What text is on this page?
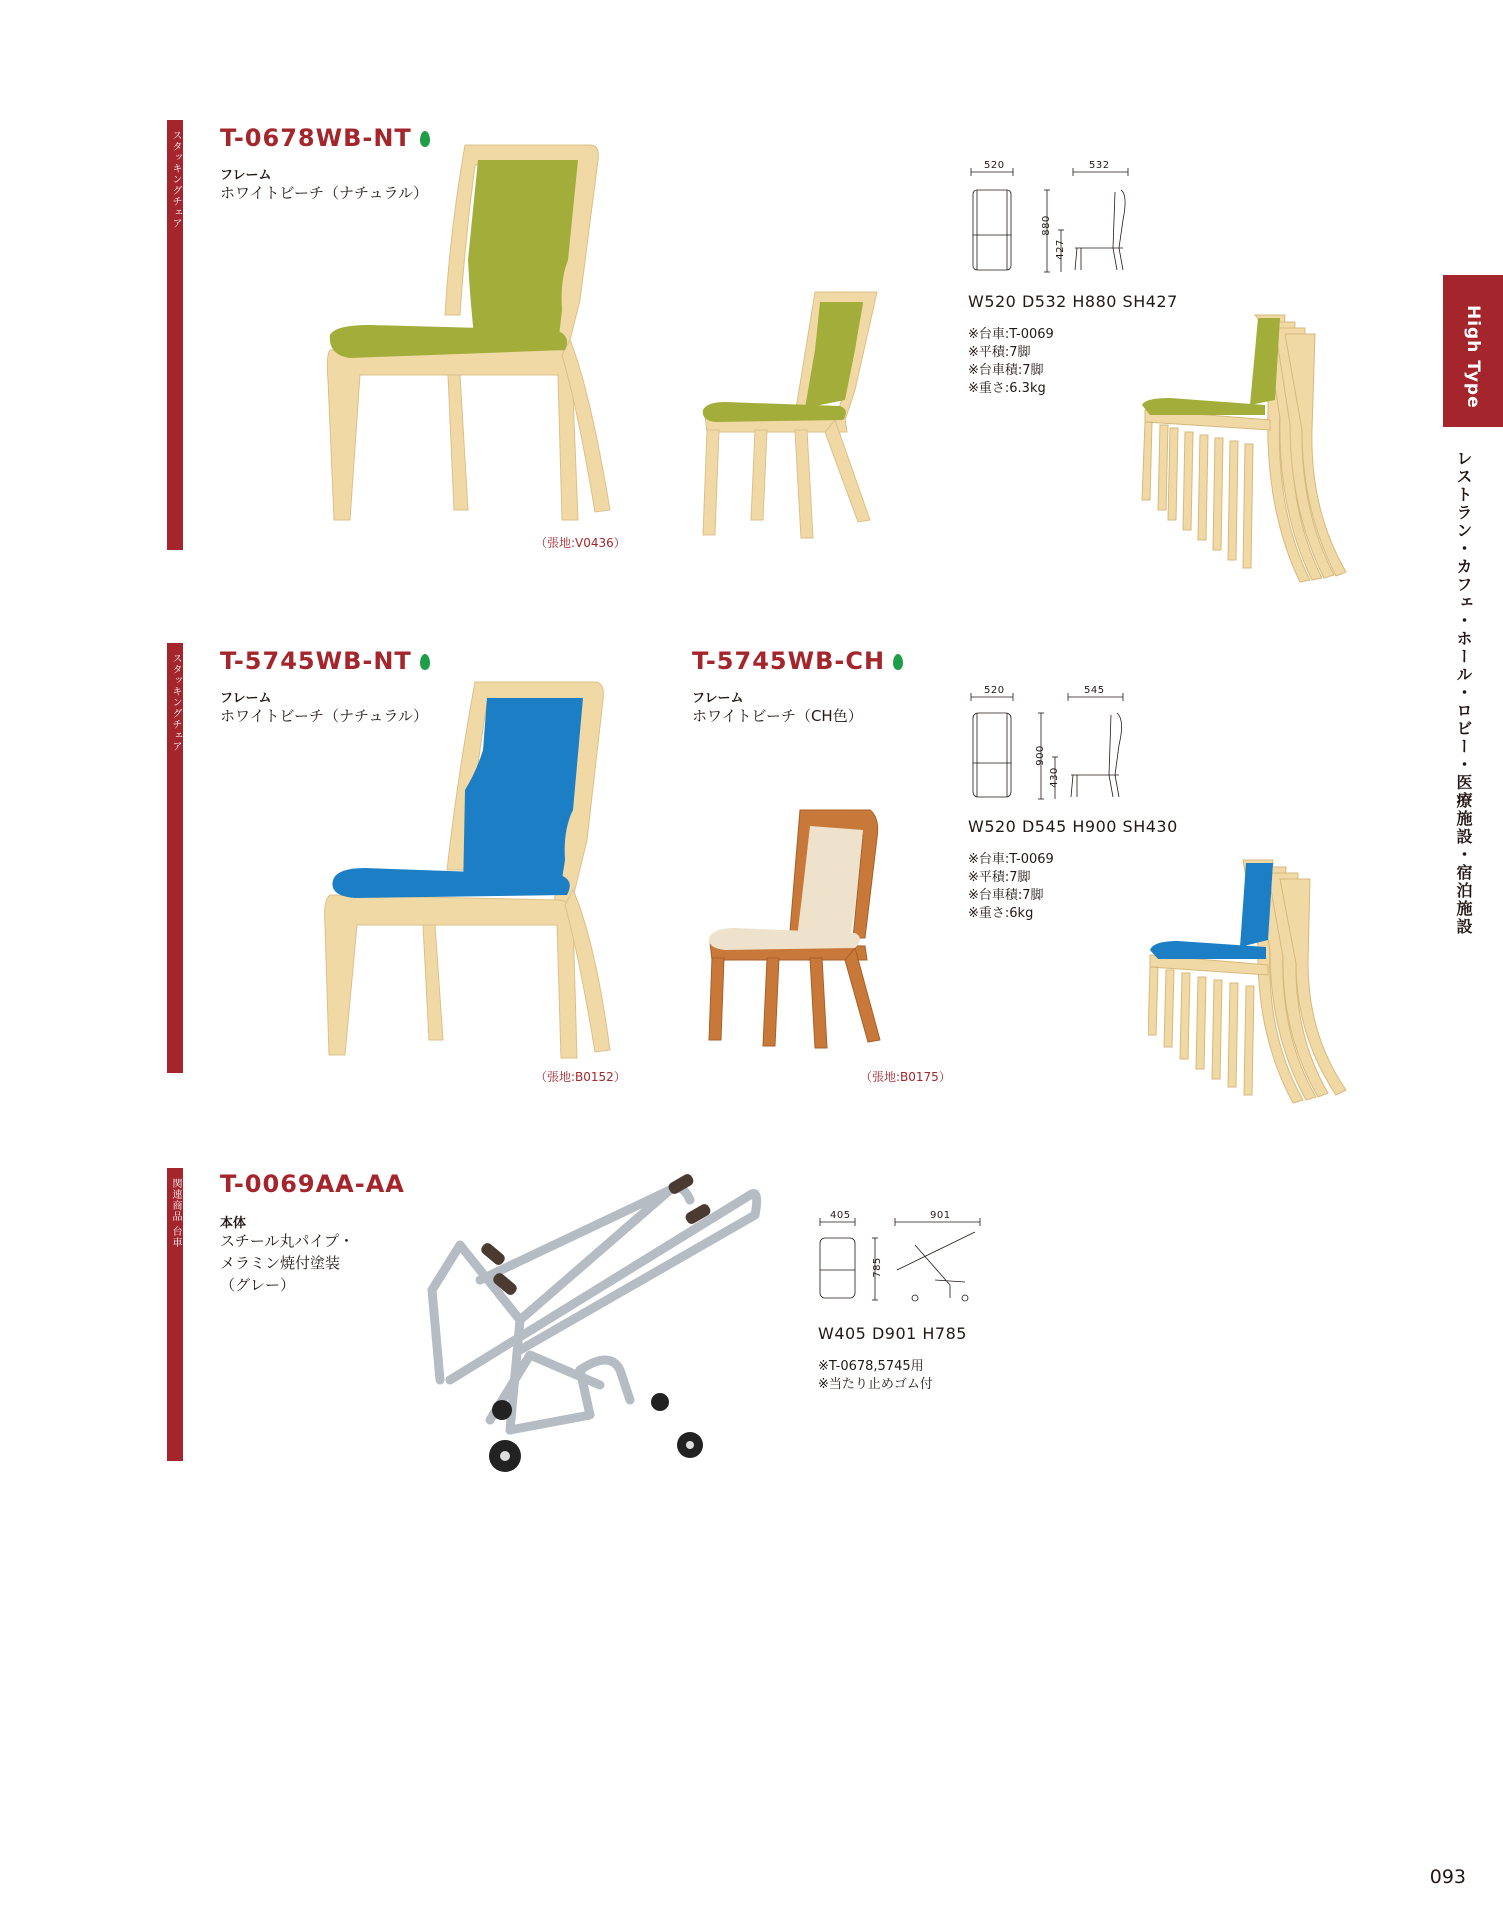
スタッキングチェア T-0678WB-NT
フレーム
ホワイトビーチ（ナチュラル）
（張地:V0436）
520	532
880
427
W520 D532 H880 SH427
※台車:T-0069
※平積:7脚
※台車積:7脚
※重さ:6.3kg
スタッキングチェア T-5745WB-NT
フレーム
ホワイトビーチ（ナチュラル）
T-5745WB-CH
フレーム
ホワイトビーチ（CH色）
（張地:B0152）	（張地:B0175）
520	545
900
430
W520 D545 H900 SH430
※台車:T-0069
※平積:7脚
※台車積:7脚
※重さ:6kg
関連商品 台車 T-0069AA-AA
本体
スチール丸パイプ・
メラミン焼付塗装
（グレー）
405	901
785
W405 D901 H785
※T-0678,5745用
※当たり止めゴム付
High Type
レストラン・カフェ・ホール・ロビー・医療施設・宿泊施設
093
